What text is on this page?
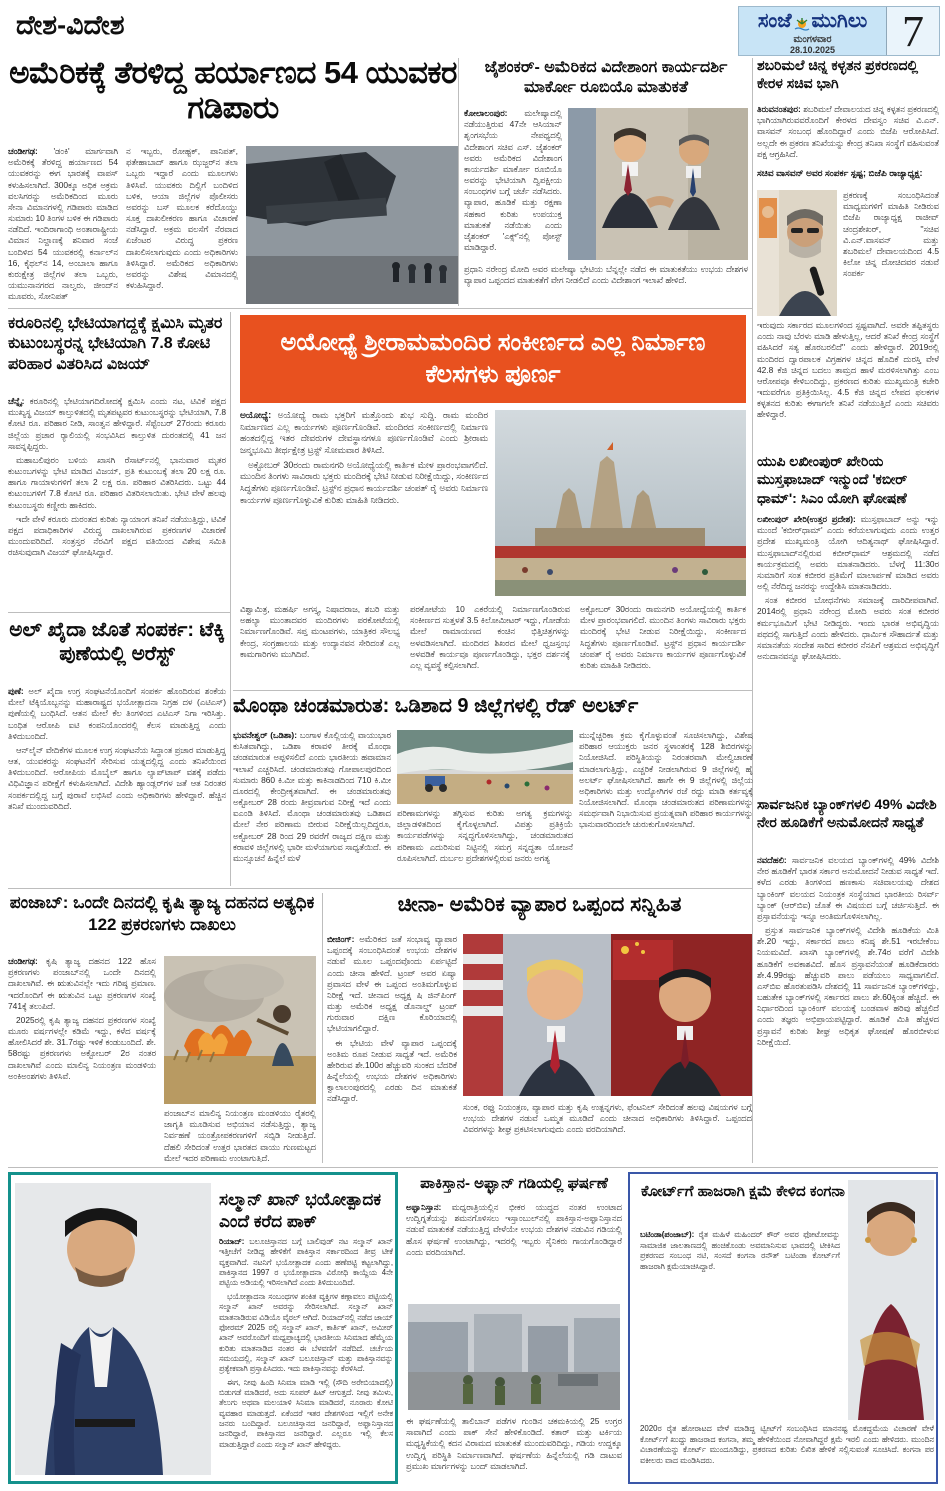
ದೇಶ-ವಿದೇಶ	ಸಂಜೆ ಮುಗಿಲು
ಮಂಗಳವಾರ
28.10.2025	7
ಅಮೆರಿಕಕ್ಕೆ ತೆರಳಿದ್ದ ಹರ್ಯಾಣದ 54 ಯುವಕರ ಗಡಿಪಾರು

ಚಂಡೀಗಢ: 'ಡಂಕಿ' ಮಾರ್ಗವಾಗಿ ಅಮೆರಿಕಕ್ಕೆ ತೆರಳಿದ್ದ ಹರ್ಯಾಣದ 54 ಯುವಕರನ್ನು ಈಗ ಭಾರತಕ್ಕೆ ವಾಪಸ್ ಕಳುಹಿಸಲಾಗಿದೆ. 300ಕ್ಕೂ ಅಧಿಕ ಅಕ್ರಮ ವಲಸಿಗರನ್ನು ಅಮೆರಿಕದಿಂದ ಮೂರು ಸೇನಾ ವಿಮಾನಗಳಲ್ಲಿ ಗಡಿಪಾರು ಮಾಡಿದ ಸುಮಾರು 10 ತಿಂಗಳ ಬಳಿಕ ಈ ಗಡಿಪಾರು ನಡೆದಿದೆ. ಇಂದಿರಾಗಾಂಧಿ ಅಂತಾರಾಷ್ಟ್ರೀಯ ವಿಮಾನ ನಿಲ್ದಾಣಕ್ಕೆ ಶನಿವಾರ ಸಂಜೆ ಬಂದಿಳಿದ 54 ಯುವಕರಲ್ಲಿ ಕರ್ನಾಲ್‌ನ 16, ಕೈಥಲ್‌ನ 14, ಅಂಬಾಲಾ ಹಾಗೂ ಕುರುಕ್ಷೇತ್ರ ಜಿಲ್ಲೆಗಳ ತಲಾ ಒಬ್ಬರು, ಯಮುನಾನಗರದ ನಾಲ್ವರು, ಜೀಂದ್‌ನ ಮೂವರು, ಸೋನಿಪತ್

ನ ಇಬ್ಬರು, ರೋಹ್ಟಕ್, ಪಾನಿಪತ್, ಫತೇಹಾಬಾದ್ ಹಾಗೂ ಝಜ್ಜರ್‌ನ ತಲಾ ಒಬ್ಬರು ಇದ್ದಾರೆ ಎಂದು ಮೂಲಗಳು ತಿಳಿಸಿವೆ. ಯುವಕರು ದಿಲ್ಲಿಗೆ ಬಂದಿಳಿದ ಬಳಿಕ, ಆಯಾ ಜಿಲ್ಲೆಗಳ ಪೊಲೀಸರು ಅವರನ್ನು ಬಸ್ ಮೂಲಕ ಕರೆದೊಯ್ದು ಸೂಕ್ತ ದಾಖಲೀಕರಣ ಹಾಗೂ ವಿಚಾರಣೆ ನಡೆಸಿದ್ದಾರೆ. ಅಕ್ರಮ ವಲಸೆಗೆ ನೆರವಾದ ಏಜೆಂಟರ ವಿರುದ್ಧ ಪ್ರಕರಣ ದಾಖಲಿಸಲಾಗುವುದು ಎಂದು ಅಧಿಕಾರಿಗಳು ತಿಳಿಸಿದ್ದಾರೆ. ಅಮೆರಿಕದ ಅಧಿಕಾರಿಗಳು ಅವರನ್ನು ವಿಶೇಷ ವಿಮಾನದಲ್ಲಿ ಕಳುಹಿಸಿದ್ದಾರೆ.

ಜೈಶಂಕರ್- ಅಮೆರಿಕದ ವಿದೇಶಾಂಗ ಕಾರ್ಯದರ್ಶಿ ಮಾರ್ಕೋ ರೂಬಿಯೊ ಮಾತುಕತೆ

ಕೋಲಾಲಂಪುರ: ಮಲೇಷ್ಯಾದಲ್ಲಿ ನಡೆಯುತ್ತಿರುವ 47ನೇ ಆಸಿಯಾನ್ ಶೃಂಗಸಭೆಯ ನೇಪಥ್ಯದಲ್ಲಿ ವಿದೇಶಾಂಗ ಸಚಿವ ಎಸ್. ಜೈಶಂಕರ್ ಅವರು ಅಮೆರಿಕದ ವಿದೇಶಾಂಗ ಕಾರ್ಯದರ್ಶಿ ಮಾರ್ಕೋ ರೂಬಿಯೊ ಅವರನ್ನು ಭೇಟಿಯಾಗಿ ದ್ವಿಪಕ್ಷೀಯ ಸಂಬಂಧಗಳ ಬಗ್ಗೆ ಚರ್ಚೆ ನಡೆಸಿದರು. ವ್ಯಾಪಾರ, ಹೂಡಿಕೆ ಮತ್ತು ರಕ್ಷಣಾ ಸಹಕಾರ ಕುರಿತು ಉಪಯುಕ್ತ ಮಾತುಕತೆ ನಡೆಯಿತು ಎಂದು ಜೈಶಂಕರ್ 'ಎಕ್ಸ್'ನಲ್ಲಿ ಪೋಸ್ಟ್ ಮಾಡಿದ್ದಾರೆ.

ಪ್ರಧಾನಿ ನರೇಂದ್ರ ಮೋದಿ ಅವರ ಮಲೇಷ್ಯಾ ಭೇಟಿಯ ಬೆನ್ನಲ್ಲೇ ನಡೆದ ಈ ಮಾತುಕತೆಯು ಉಭಯ ದೇಶಗಳ ವ್ಯಾಪಾರ ಒಪ್ಪಂದದ ಮಾತುಕತೆಗೆ ವೇಗ ನೀಡಲಿದೆ ಎಂದು ವಿದೇಶಾಂಗ ಇಲಾಖೆ ಹೇಳಿದೆ.

ಶಬರಿಮಲೆ ಚಿನ್ನ ಕಳ್ಳತನ ಪ್ರಕರಣದಲ್ಲಿ ಕೇರಳ ಸಚಿವ ಭಾಗಿ

ತಿರುವನಂತಪುರ: ಶಬರಿಮಲೆ ದೇವಾಲಯದ ಚಿನ್ನ ಕಳ್ಳತನ ಪ್ರಕರಣದಲ್ಲಿ ಭಾಗಿಯಾಗಿರುವವರೊಂದಿಗೆ ಕೇರಳದ ದೇವಸ್ವಂ ಸಚಿವ ವಿ.ಎನ್. ವಾಸವನ್ ಸಂಬಂಧ ಹೊಂದಿದ್ದಾರೆ ಎಂದು ಬಿಜೆಪಿ ಆರೋಪಿಸಿದೆ. ಅಲ್ಲದೇ ಈ ಪ್ರಕರಣ ತನಿಖೆಯನ್ನು ಕೇಂದ್ರ ತನಿಖಾ ಸಂಸ್ಥೆಗೆ ವಹಿಸುವಂತೆ ಪಕ್ಷ ಆಗ್ರಹಿಸಿದೆ.

ಸಚಿವ ವಾಸವನ್ ಅವರ ಸಂಪರ್ಕ ಸ್ಪಷ್ಟ; ಬಿಜೆಪಿ ರಾಜ್ಯಾಧ್ಯಕ್ಷ:

ಪ್ರಕರಣಕ್ಕೆ ಸಂಬಂಧಿಸಿದಂತೆ ಮಾಧ್ಯಮಗಳಿಗೆ ಮಾಹಿತಿ ನೀಡಿರುವ ಬಿಜೆಪಿ ರಾಜ್ಯಾಧ್ಯಕ್ಷ ರಾಜೀವ್ ಚಂದ್ರಶೇಖರ್, ''ಸಚಿವ ವಿ.ಎನ್.ವಾಸವನ್ ಮತ್ತು ಶಬರಿಮಲೆ ದೇವಾಲಯದಿಂದ 4.5 ಕಿಲೋ ಚಿನ್ನ ದೋಚಿದವರ ನಡುವೆ ಸಂಪರ್ಕ

ಇರುವುದು ಸರ್ಕಾರದ ಮೂಲಗಳಿಂದ ಸ್ಪಷ್ಟವಾಗಿದೆ. ಅವರೇ ತಪ್ಪಿತಸ್ಥರು ಎಂದು ನಾವು ಬೆರಳು ಮಾಡಿ ಹೇಳುತ್ತಿಲ್ಲ, ಆದರೆ ತನಿಖೆ ಕೇಂದ್ರ ಸಂಸ್ಥೆಗೆ ವಹಿಸಿದರೆ ಸತ್ಯ ಹೊರಬರಲಿದೆ'' ಎಂದು ಹೇಳಿದ್ದಾರೆ. 2019ರಲ್ಲಿ ಮಂದಿರದ ದ್ವಾರಪಾಲಕ ವಿಗ್ರಹಗಳ ಚಿನ್ನದ ಹೊದಿಕೆ ದುರಸ್ತಿ ವೇಳೆ 42.8 ಕೆಜಿ ಚಿನ್ನದ ಬದಲು ತಾಮ್ರದ ಹಾಳೆ ಮರಳಿಸಲಾಗಿತ್ತು ಎಂಬ ಆರೋಪವೂ ಕೇಳಿಬಂದಿದ್ದು, ಪ್ರಕರಣದ ಕುರಿತು ಮುಖ್ಯಮಂತ್ರಿ ಕಚೇರಿ ಇದುವರೆಗೂ ಪ್ರತಿಕ್ರಿಯಿಸಿಲ್ಲ. 4.5 ಕೆಜಿ ಚಿನ್ನದ ಲೇಪದ ಫಲಕಗಳ ಕಳ್ಳತನದ ಕುರಿತು ಈಗಾಗಲೇ ತನಿಖೆ ನಡೆಯುತ್ತಿದೆ ಎಂದು ಸಚಿವರು ಹೇಳಿದ್ದಾರೆ.

ಯುಪಿ ಲಖೀಂಪುರ್ ಖೇರಿಯ ಮುಸ್ತಫಾಬಾದ್ ಇನ್ಮುಂದೆ 'ಕಬೀರ್ ಧಾಮ್': ಸಿಎಂ ಯೋಗಿ ಘೋಷಣೆ

ಲಖೀಂಪುರ್ ಖೇರಿ(ಉತ್ತರ ಪ್ರದೇಶ): ಮುಸ್ತಫಾಬಾದ್ ಅನ್ನು ಇನ್ನು ಮುಂದೆ 'ಕಬೀರ್‌ಧಾಮ್' ಎಂದು ಕರೆಯಲಾಗುವುದು ಎಂದು ಉತ್ತರ ಪ್ರದೇಶ ಮುಖ್ಯಮಂತ್ರಿ ಯೋಗಿ ಆದಿತ್ಯನಾಥ್ ಘೋಷಿಸಿದ್ದಾರೆ. ಮುಸ್ತಫಾಬಾದ್‌ನಲ್ಲಿರುವ ಕಬೀರ್‌ಧಾಮ್ ಆಶ್ರಮದಲ್ಲಿ ನಡೆದ ಕಾರ್ಯಕ್ರಮದಲ್ಲಿ ಅವರು ಮಾತನಾಡಿದರು. ಬೆಳಗ್ಗೆ 11:30ರ ಸುಮಾರಿಗೆ ಸಂತ ಕಬೀರರ ಪ್ರತಿಮೆಗೆ ಮಾಲಾರ್ಪಣೆ ಮಾಡಿದ ಅವರು ಅಲ್ಲಿ ನೆರೆದಿದ್ದ ಜನರನ್ನು ಉದ್ದೇಶಿಸಿ ಮಾತನಾಡಿದರು.

ಸಂತ ಕಬೀರರ ಬೋಧನೆಗಳು ಸಮಾಜಕ್ಕೆ ದಾರಿದೀಪವಾಗಿವೆ. 2014ರಲ್ಲಿ ಪ್ರಧಾನಿ ನರೇಂದ್ರ ಮೋದಿ ಅವರು ಸಂತ ಕಬೀರರ ಕರ್ಮಭೂಮಿಗೆ ಭೇಟಿ ನೀಡಿದ್ದರು. ಇಂದು ಭಾರತ ಅಭಿವೃದ್ಧಿಯ ಪಥದಲ್ಲಿ ಸಾಗುತ್ತಿದೆ ಎಂದು ಹೇಳಿದರು. ಧಾರ್ಮಿಕ ಸೌಹಾರ್ದತೆ ಮತ್ತು ಸಮಾನತೆಯ ಸಂದೇಶ ಸಾರಿದ ಕಬೀರರ ನೆನಪಿಗೆ ಆಶ್ರಮದ ಅಭಿವೃದ್ಧಿಗೆ ಅನುದಾನವನ್ನೂ ಘೋಷಿಸಿದರು.

ಸಾರ್ವಜನಿಕ ಬ್ಯಾಂಕ್‌ಗಳಲಿ 49% ವಿದೇಶಿ ನೇರ ಹೂಡಿಕೆಗೆ ಅನುಮೋದನೆ ಸಾಧ್ಯತೆ

ನವದೆಹಲಿ: ಸಾರ್ವಜನಿಕ ವಲಯದ ಬ್ಯಾಂಕ್‌ಗಳಲ್ಲಿ 49% ವಿದೇಶಿ ನೇರ ಹೂಡಿಕೆಗೆ ಭಾರತ ಸರ್ಕಾರ ಅನುಮೋದನೆ ನೀಡುವ ಸಾಧ್ಯತೆ ಇದೆ. ಕಳೆದ ಎರಡು ತಿಂಗಳಿಂದ ಹಣಕಾಸು ಸಚಿವಾಲಯವು ದೇಶದ ಬ್ಯಾಂಕಿಂಗ್ ವಲಯದ ನಿಯಂತ್ರಕ ಸಂಸ್ಥೆಯಾದ ಭಾರತೀಯ ರಿಸರ್ವ್ ಬ್ಯಾಂಕ್ (ಆರ್‌ಬಿಐ) ಜೊತೆ ಈ ವಿಷಯದ ಬಗ್ಗೆ ಚರ್ಚಿಸುತ್ತಿದೆ. ಈ ಪ್ರಸ್ತಾವನೆಯನ್ನು ಇನ್ನೂ ಅಂತಿಮಗೊಳಿಸಲಾಗಿಲ್ಲ.

ಪ್ರಸ್ತುತ ಸಾರ್ವಜನಿಕ ಬ್ಯಾಂಕ್‌ಗಳಲ್ಲಿ ವಿದೇಶಿ ಹೂಡಿಕೆಯ ಮಿತಿ ಶೇ.20 ಇದ್ದು, ಸರ್ಕಾರದ ಪಾಲು ಕನಿಷ್ಠ ಶೇ.51 ಇರಬೇಕೆಂಬ ನಿಯಮವಿದೆ. ಖಾಸಗಿ ಬ್ಯಾಂಕ್‌ಗಳಲ್ಲಿ ಶೇ.74ರ ವರೆಗೆ ವಿದೇಶಿ ಹೂಡಿಕೆಗೆ ಅವಕಾಶವಿದೆ. ಹೊಸ ಪ್ರಸ್ತಾವನೆಯಂತೆ ಹೂಡಿಕೆದಾರರು ಶೇ.4.99ರಷ್ಟು ಹೆಚ್ಚುವರಿ ಪಾಲು ಪಡೆಯಲು ಸಾಧ್ಯವಾಗಲಿದೆ. ಎಸ್‌ಬಿಐ ಹೊರತುಪಡಿಸಿ ದೇಶದಲ್ಲಿ 11 ಸಾರ್ವಜನಿಕ ಬ್ಯಾಂಕ್‌ಗಳಿದ್ದು, ಬಹುತೇಕ ಬ್ಯಾಂಕ್‌ಗಳಲ್ಲಿ ಸರ್ಕಾರದ ಪಾಲು ಶೇ.60ಕ್ಕಿಂತ ಹೆಚ್ಚಿದೆ. ಈ ನಿರ್ಧಾರದಿಂದ ಬ್ಯಾಂಕಿಂಗ್ ವಲಯಕ್ಕೆ ಬಂಡವಾಳ ಹರಿವು ಹೆಚ್ಚಲಿದೆ ಎಂದು ತಜ್ಞರು ಅಭಿಪ್ರಾಯಪಟ್ಟಿದ್ದಾರೆ. ಹೂಡಿಕೆ ಮಿತಿ ಹೆಚ್ಚಳದ ಪ್ರಸ್ತಾವನೆ ಕುರಿತು ಶೀಘ್ರ ಅಧಿಕೃತ ಘೋಷಣೆ ಹೊರಬೀಳುವ ನಿರೀಕ್ಷೆಯಿದೆ.

ಕರೂರಿನಲ್ಲಿ ಭೇಟಿಯಾಗದ್ದಕ್ಕೆ ಕ್ಷಮಿಸಿ ಮೃತರ ಕುಟುಂಬಸ್ಥರನ್ನ ಭೇಟಿಯಾಗಿ 7.8 ಕೋಟಿ ಪರಿಹಾರ ವಿತರಿಸಿದ ವಿಜಯ್

ಚೆನ್ನೈ: ಕರೂರಿನಲ್ಲಿ ಭೇಟಿಯಾಗದಿರೋದಕ್ಕೆ ಕ್ಷಮಿಸಿ ಎಂದು ನಟ, ಟಿವಿಕೆ ಪಕ್ಷದ ಮುಖ್ಯಸ್ಥ ವಿಜಯ್ ಕಾಲ್ತುಳಿತದಲ್ಲಿ ಮೃತಪಟ್ಟವರ ಕುಟುಂಬಸ್ಥರನ್ನು ಭೇಟಿಯಾಗಿ, 7.8 ಕೋಟಿ ರೂ. ಪರಿಹಾರ ನೀಡಿ, ಸಾಂತ್ವನ ಹೇಳಿದ್ದಾರೆ. ಸೆಪ್ಟೆಂಬರ್ 27ರಂದು ಕರೂರು ಜಿಲ್ಲೆಯ ಪ್ರಚಾರ ರ‍್ಯಾಲಿಯಲ್ಲಿ ಸಂಭವಿಸಿದ ಕಾಲ್ತುಳಿತ ದುರಂತದಲ್ಲಿ 41 ಜನ ಸಾವನ್ನಪ್ಪಿದ್ದರು.

ಮಹಾಬಲಿಪುರಂ ಬಳಿಯ ಖಾಸಗಿ ರೆಸಾರ್ಟ್‌ನಲ್ಲಿ ಭಾನುವಾರ ಮೃತರ ಕುಟುಂಬಗಳನ್ನು ಭೇಟಿ ಮಾಡಿದ ವಿಜಯ್, ಪ್ರತಿ ಕುಟುಂಬಕ್ಕೆ ತಲಾ 20 ಲಕ್ಷ ರೂ. ಹಾಗೂ ಗಾಯಾಳುಗಳಿಗೆ ತಲಾ 2 ಲಕ್ಷ ರೂ. ಪರಿಹಾರ ವಿತರಿಸಿದರು. ಒಟ್ಟು 44 ಕುಟುಂಬಗಳಿಗೆ 7.8 ಕೋಟಿ ರೂ. ಪರಿಹಾರ ವಿತರಿಸಲಾಯಿತು. ಭೇಟಿ ವೇಳೆ ಹಲವು ಕುಟುಂಬಸ್ಥರು ಕಣ್ಣೀರು ಹಾಕಿದರು.

ಇದೇ ವೇಳೆ ಕರೂರು ದುರಂತದ ಕುರಿತು ನ್ಯಾಯಾಂಗ ತನಿಖೆ ನಡೆಯುತ್ತಿದ್ದು, ಟಿವಿಕೆ ಪಕ್ಷದ ಪದಾಧಿಕಾರಿಗಳ ವಿರುದ್ಧ ದಾಖಲಾಗಿರುವ ಪ್ರಕರಣಗಳ ವಿಚಾರಣೆ ಮುಂದುವರಿದಿದೆ. ಸಂತ್ರಸ್ತರ ನೆರವಿಗೆ ಪಕ್ಷದ ವತಿಯಿಂದ ವಿಶೇಷ ಸಮಿತಿ ರಚಿಸುವುದಾಗಿ ವಿಜಯ್ ಘೋಷಿಸಿದ್ದಾರೆ.

ಅಲ್ ಖೈದಾ ಜೊತೆ ಸಂಪರ್ಕ: ಟೆಕ್ಕಿ ಪುಣೆಯಲ್ಲಿ ಅರೆಸ್ಟ್

ಪುಣೆ: ಅಲ್ ಖೈದಾ ಉಗ್ರ ಸಂಘಟನೆಯೊಂದಿಗೆ ಸಂಪರ್ಕ ಹೊಂದಿರುವ ಶಂಕೆಯ ಮೇಲೆ ಟೆಕ್ಕಿಯೊಬ್ಬನನ್ನು ಮಹಾರಾಷ್ಟ್ರದ ಭಯೋತ್ಪಾದನಾ ನಿಗ್ರಹ ದಳ (ಎಟಿಎಸ್) ಪುಣೆಯಲ್ಲಿ ಬಂಧಿಸಿದೆ. ಆತನ ಮೇಲೆ ಕೆಲ ತಿಂಗಳಿಂದ ಎಟಿಎಸ್ ನಿಗಾ ಇರಿಸಿತ್ತು. ಬಂಧಿತ ಆರೋಪಿ ಐಟಿ ಕಂಪನಿಯೊಂದರಲ್ಲಿ ಕೆಲಸ ಮಾಡುತ್ತಿದ್ದ ಎಂದು ತಿಳಿದುಬಂದಿದೆ.

ಆನ್‌ಲೈನ್ ವೇದಿಕೆಗಳ ಮೂಲಕ ಉಗ್ರ ಸಂಘಟನೆಯ ಸಿದ್ಧಾಂತ ಪ್ರಚಾರ ಮಾಡುತ್ತಿದ್ದ ಆತ, ಯುವಕರನ್ನು ಸಂಘಟನೆಗೆ ಸೇರಿಸುವ ಯತ್ನದಲ್ಲಿದ್ದ ಎಂದು ತನಿಖೆಯಿಂದ ತಿಳಿದುಬಂದಿದೆ. ಆರೋಪಿಯ ಮೊಬೈಲ್ ಹಾಗೂ ಲ್ಯಾಪ್‌ಟಾಪ್ ವಶಕ್ಕೆ ಪಡೆದು ವಿಧಿವಿಜ್ಞಾನ ಪರೀಕ್ಷೆಗೆ ಕಳುಹಿಸಲಾಗಿದೆ. ವಿದೇಶಿ ಹ್ಯಾಂಡ್ಲರ್‌ಗಳ ಜತೆ ಆತ ನಿರಂತರ ಸಂಪರ್ಕದಲ್ಲಿದ್ದ ಬಗ್ಗೆ ಪುರಾವೆ ಲಭಿಸಿವೆ ಎಂದು ಅಧಿಕಾರಿಗಳು ಹೇಳಿದ್ದಾರೆ. ಹೆಚ್ಚಿನ ತನಿಖೆ ಮುಂದುವರಿದಿದೆ.

ಅಯೋಧ್ಯೆ ಶ್ರೀರಾಮಮಂದಿರ ಸಂಕೀರ್ಣದ ಎಲ್ಲ ನಿರ್ಮಾಣ ಕೆಲಸಗಳು ಪೂರ್ಣ

ಅಯೋಧ್ಯೆ: ಅಯೋಧ್ಯೆ ರಾಮ ಭಕ್ತರಿಗೆ ಮತ್ತೊಂದು ಶುಭ ಸುದ್ದಿ. ರಾಮ ಮಂದಿರ ನಿರ್ಮಾಣದ ಎಲ್ಲ ಕಾರ್ಯಗಳು ಪೂರ್ಣಗೊಂಡಿವೆ. ಮಂದಿರದ ಸಂಕೀರ್ಣದಲ್ಲಿ ನಿರ್ಮಾಣ ಹಂತದಲ್ಲಿದ್ದ ಇತರ ದೇವರುಗಳ ದೇವಸ್ಥಾನಗಳೂ ಪೂರ್ಣಗೊಂಡಿವೆ ಎಂದು ಶ್ರೀರಾಮ ಜನ್ಮಭೂಮಿ ತೀರ್ಥಕ್ಷೇತ್ರ ಟ್ರಸ್ಟ್ ಸೋಮವಾರ ತಿಳಿಸಿದೆ.

ಅಕ್ಟೋಬರ್ 30ರಂದು ರಾಮನಗರಿ ಅಯೋಧ್ಯೆಯಲ್ಲಿ ಕಾರ್ತಿಕ ಮೇಳ ಪ್ರಾರಂಭವಾಗಲಿದೆ. ಮುಂದಿನ ತಿಂಗಳು ಸಾವಿರಾರು ಭಕ್ತರು ಮಂದಿರಕ್ಕೆ ಭೇಟಿ ನೀಡುವ ನಿರೀಕ್ಷೆಯಿದ್ದು, ಸಂಕೀರ್ಣದ ಸಿದ್ಧತೆಗಳು ಪೂರ್ಣಗೊಂಡಿವೆ. ಟ್ರಸ್ಟ್‌ನ ಪ್ರಧಾನ ಕಾರ್ಯದರ್ಶಿ ಚಂಪತ್ ರೈ ಅವರು ನಿರ್ಮಾಣ ಕಾರ್ಯಗಳ ಪೂರ್ಣಗೊಳ್ಳುವಿಕೆ ಕುರಿತು ಮಾಹಿತಿ ನೀಡಿದರು.

ವಿಶ್ವಾಮಿತ್ರ, ಮಹರ್ಷಿ ಅಗಸ್ತ್ಯ, ನಿಷಾದರಾಜ, ಶಬರಿ ಮತ್ತು ಅಹಲ್ಯಾ ಮುಂತಾದವರ ಮಂದಿರಗಳು ಪರಕೋಟೆಯಲ್ಲಿ ನಿರ್ಮಾಣಗೊಂಡಿವೆ. ಸಪ್ತ ಮಂಟಪಗಳು, ಯಾತ್ರಿಕರ ಸೌಲಭ್ಯ ಕೇಂದ್ರ, ಸಂಗ್ರಹಾಲಯ ಮತ್ತು ಉದ್ಯಾನವನ ಸೇರಿದಂತೆ ಎಲ್ಲ ಕಾಮಗಾರಿಗಳು ಮುಗಿದಿವೆ.

ಪರಕೋಟೆಯ 10 ಎಕರೆಯಲ್ಲಿ ನಿರ್ಮಾಣಗೊಂಡಿರುವ ಸಂಕೀರ್ಣದ ಸುತ್ತಳತೆ 3.5 ಕಿಲೋಮೀಟರ್ ಇದ್ದು, ಗೋಡೆಯ ಮೇಲೆ ರಾಮಾಯಣದ ಕಂಚಿನ ಭಿತ್ತಿಚಿತ್ರಗಳನ್ನು ಅಳವಡಿಸಲಾಗಿದೆ. ಮಂದಿರದ ಶಿಖರದ ಮೇಲೆ ಧ್ವಜಸ್ತಂಭ ಅಳವಡಿಕೆ ಕಾರ್ಯವೂ ಪೂರ್ಣಗೊಂಡಿದ್ದು, ಭಕ್ತರ ದರ್ಶನಕ್ಕೆ ಎಲ್ಲ ವ್ಯವಸ್ಥೆ ಕಲ್ಪಿಸಲಾಗಿದೆ.

ಅಕ್ಟೋಬರ್ 30ರಂದು ರಾಮನಗರಿ ಅಯೋಧ್ಯೆಯಲ್ಲಿ ಕಾರ್ತಿಕ ಮೇಳ ಪ್ರಾರಂಭವಾಗಲಿದೆ. ಮುಂದಿನ ತಿಂಗಳು ಸಾವಿರಾರು ಭಕ್ತರು ಮಂದಿರಕ್ಕೆ ಭೇಟಿ ನೀಡುವ ನಿರೀಕ್ಷೆಯಿದ್ದು, ಸಂಕೀರ್ಣದ ಸಿದ್ಧತೆಗಳು ಪೂರ್ಣಗೊಂಡಿವೆ. ಟ್ರಸ್ಟ್‌ನ ಪ್ರಧಾನ ಕಾರ್ಯದರ್ಶಿ ಚಂಪತ್ ರೈ ಅವರು ನಿರ್ಮಾಣ ಕಾರ್ಯಗಳ ಪೂರ್ಣಗೊಳ್ಳುವಿಕೆ ಕುರಿತು ಮಾಹಿತಿ ನೀಡಿದರು.

ಮೊಂಥಾ ಚಂಡಮಾರುತ: ಒಡಿಶಾದ 9 ಜಿಲ್ಲೆಗಳಲ್ಲಿ ರೆಡ್ ಅಲರ್ಟ್

ಭುವನೇಶ್ವರ್ (ಒಡಿಶಾ): ಬಂಗಾಳ ಕೊಲ್ಲಿಯಲ್ಲಿ ವಾಯುಭಾರ ಕುಸಿತವಾಗಿದ್ದು, ಒಡಿಶಾ ಕರಾವಳಿ ತೀರಕ್ಕೆ ಮೊಂಥಾ ಚಂಡಮಾರುತ ಅಪ್ಪಳಿಸಲಿದೆ ಎಂದು ಭಾರತೀಯ ಹವಾಮಾನ ಇಲಾಖೆ ಎಚ್ಚರಿಸಿದೆ. ಚಂಡಮಾರುತವು ಗೋಪಾಲಪುರದಿಂದ ಸುಮಾರು 860 ಕಿ.ಮೀ ಮತ್ತು ಕಾಕಿನಾಡದಿಂದ 710 ಕಿ.ಮೀ ದೂರದಲ್ಲಿ ಕೇಂದ್ರೀಕೃತವಾಗಿದೆ. ಈ ಚಂಡಮಾರುತವು ಅಕ್ಟೋಬರ್ 28 ರಂದು ತೀವ್ರವಾಗುವ ನಿರೀಕ್ಷೆ ಇದೆ ಎಂದು ಐಎಂಡಿ ತಿಳಿಸಿದೆ. ಮೊಂಥಾ ಚಂಡಮಾರುತವು ಒಡಿಶಾದ ಮೇಲೆ ನೇರ ಪರಿಣಾಮ ಬೀರುವ ನಿರೀಕ್ಷೆಯಿಲ್ಲದಿದ್ದರೂ, ಅಕ್ಟೋಬರ್ 28 ರಿಂದ 29 ರವರೆಗೆ ರಾಜ್ಯದ ದಕ್ಷಿಣ ಮತ್ತು ಕರಾವಳಿ ಜಿಲ್ಲೆಗಳಲ್ಲಿ ಭಾರೀ ಮಳೆಯಾಗುವ ಸಾಧ್ಯತೆಯಿದೆ. ಈ ಮುನ್ಸೂಚನೆ ಹಿನ್ನೆಲೆ ಮಳೆ

ಪರಿಣಾಮಗಳನ್ನು ತಗ್ಗಿಸುವ ಕುರಿತು ಅಗತ್ಯ ಕ್ರಮಗಳನ್ನು ಜಿಲ್ಲಾಡಳಿತದಿಂದ ಕೈಗೊಳ್ಳಲಾಗಿದೆ. ವಿಪತ್ತು ಪ್ರತಿಕ್ರಿಯೆ ಕಾರ್ಯಪಡೆಗಳನ್ನು ಸನ್ನದ್ಧಗೊಳಿಸಲಾಗಿದ್ದು, ಚಂಡಮಾರುತದ ಪರಿಣಾಮ ಎದುರಿಸುವ ನಿಟ್ಟಿನಲ್ಲಿ ಸಮಗ್ರ ಸನ್ನದ್ಧತಾ ಯೋಜನೆ ರೂಪಿಸಲಾಗಿದೆ. ದುರ್ಬಲ ಪ್ರದೇಶಗಳಲ್ಲಿರುವ ಜನರು ಅಗತ್ಯ

ಮುನ್ನೆಚ್ಚರಿಕಾ ಕ್ರಮ ಕೈಗೊಳ್ಳುವಂತೆ ಸೂಚಿಸಲಾಗಿದ್ದು, ವಿಶೇಷ ಪರಿಹಾರ ಆಯುಕ್ತರು ಜನರ ಸ್ಥಳಾಂತರಕ್ಕೆ 128 ಶಿಬಿರಗಳನ್ನು ನಿಯೋಜಿಸಿದೆ. ಪರಿಸ್ಥಿತಿಯನ್ನು ನಿರಂತರವಾಗಿ ಮೇಲ್ವಿಚಾರಣೆ ಮಾಡಲಾಗುತ್ತಿದ್ದು, ಎಚ್ಚರಿಕೆ ನೀಡಲಾಗಿರುವ 9 ಜಿಲ್ಲೆಗಳಲ್ಲಿ ಹೈ ಅಲರ್ಟ್ ಘೋಷಿಸಲಾಗಿದೆ. ಹಾಗೇ ಈ 9 ಜಿಲ್ಲೆಗಳಲ್ಲಿ ಜಿಲ್ಲೆಯ ಅಧಿಕಾರಿಗಳು ಮತ್ತು ಉದ್ಯೋಗಿಗಳ ರಜೆ ರದ್ದು ಮಾಡಿ ಕರ್ತವ್ಯಕ್ಕೆ ನಿಯೋಜಿಸಲಾಗಿದೆ. ಮೊಂಥಾ ಚಂಡಮಾರುತದ ಪರಿಣಾಮಗಳನ್ನು ಸಮರ್ಥವಾಗಿ ನಿಭಾಯಿಸುವ ಪ್ರಯತ್ನವಾಗಿ ಪರಿಹಾರ ಕಾರ್ಯಗಳನ್ನು ಭಾನುವಾರದಿಂದಲೇ ಚುರುಕುಗೊಳಿಸಲಾಗಿದೆ.

ಪಂಜಾಬ್: ಒಂದೇ ದಿನದಲ್ಲಿ ಕೃಷಿ ತ್ಯಾಜ್ಯ ದಹನದ ಅತ್ಯಧಿಕ 122 ಪ್ರಕರಣಗಳು ದಾಖಲು

ಚಂಡೀಗಢ: ಕೃಷಿ ತ್ಯಾಜ್ಯ ದಹನದ 122 ಹೊಸ ಪ್ರಕರಣಗಳು ಪಂಜಾಬ್‌ನಲ್ಲಿ ಒಂದೇ ದಿನದಲ್ಲಿ ದಾಖಲಾಗಿವೆ. ಈ ಋತುವಿನಲ್ಲೇ ಇದು ಗರಿಷ್ಠ ಪ್ರಮಾಣ. ಇದರೊಂದಿಗೆ ಈ ಋತುವಿನ ಒಟ್ಟು ಪ್ರಕರಣಗಳ ಸಂಖ್ಯೆ 741ಕ್ಕೆ ತಲುಪಿದೆ.

2025ರಲ್ಲಿ ಕೃಷಿ ತ್ಯಾಜ್ಯ ದಹನದ ಪ್ರಕರಣಗಳ ಸಂಖ್ಯೆ ಮೂರು ವರ್ಷಗಳಲ್ಲೇ ಕಡಿಮೆ ಇದ್ದು, ಕಳೆದ ವರ್ಷಕ್ಕೆ ಹೋಲಿಸಿದರೆ ಶೇ. 31.7ರಷ್ಟು ಇಳಿಕೆ ಕಂಡುಬಂದಿದೆ. ಶೇ. 58ರಷ್ಟು ಪ್ರಕರಣಗಳು ಅಕ್ಟೋಬರ್ 2ರ ನಂತರ ದಾಖಲಾಗಿವೆ ಎಂದು ಮಾಲಿನ್ಯ ನಿಯಂತ್ರಣ ಮಂಡಳಿಯ ಅಂಕಿಅಂಶಗಳು ತಿಳಿಸಿವೆ.

ಪಂಜಾಬ್‌ನ ಮಾಲಿನ್ಯ ನಿಯಂತ್ರಣ ಮಂಡಳಿಯು ರೈತರಲ್ಲಿ ಜಾಗೃತಿ ಮೂಡಿಸುವ ಅಭಿಯಾನ ನಡೆಸುತ್ತಿದ್ದು, ತ್ಯಾಜ್ಯ ನಿರ್ವಹಣೆ ಯಂತ್ರೋಪಕರಣಗಳಿಗೆ ಸಬ್ಸಿಡಿ ನೀಡುತ್ತಿದೆ. ದೆಹಲಿ ಸೇರಿದಂತೆ ಉತ್ತರ ಭಾರತದ ವಾಯು ಗುಣಮಟ್ಟದ ಮೇಲೆ ಇದರ ಪರಿಣಾಮ ಉಂಟಾಗುತ್ತಿದೆ.

ಚೀನಾ- ಅಮೆರಿಕ ವ್ಯಾಪಾರ ಒಪ್ಪಂದ ಸನ್ನಿಹಿತ

ಬೀಜಿಂಗ್: ಅಮೆರಿಕದ ಜತೆ ಸಂಭಾವ್ಯ ವ್ಯಾಪಾರ ಒಪ್ಪಂದಕ್ಕೆ ಸಂಬಂಧಿಸಿದಂತೆ ಉಭಯ ದೇಶಗಳ ನಡುವೆ ಮೂಲ ಒಪ್ಪಂದವೊಂದು ಏರ್ಪಟ್ಟಿದೆ ಎಂದು ಚೀನಾ ಹೇಳಿದೆ. ಟ್ರಂಪ್ ಅವರ ಏಷ್ಯಾ ಪ್ರವಾಸದ ವೇಳೆ ಈ ಒಪ್ಪಂದ ಅಂತಿಮಗೊಳ್ಳುವ ನಿರೀಕ್ಷೆ ಇದೆ. ಚೀನಾದ ಅಧ್ಯಕ್ಷ ಷಿ ಜಿನ್‌ಪಿಂಗ್ ಮತ್ತು ಅಮೆರಿಕ ಅಧ್ಯಕ್ಷ ಡೊನಾಲ್ಡ್ ಟ್ರಂಪ್ ಗುರುವಾರ ದಕ್ಷಿಣ ಕೊರಿಯಾದಲ್ಲಿ ಭೇಟಿಯಾಗಲಿದ್ದಾರೆ.

ಈ ಭೇಟಿಯ ವೇಳೆ ವ್ಯಾಪಾರ ಒಪ್ಪಂದಕ್ಕೆ ಅಂತಿಮ ರೂಪ ನೀಡುವ ಸಾಧ್ಯತೆ ಇದೆ. ಅಮೆರಿಕ ಹೇರಿರುವ ಶೇ.100ರ ಹೆಚ್ಚುವರಿ ಸುಂಕದ ಬೆದರಿಕೆ ಹಿನ್ನೆಲೆಯಲ್ಲಿ ಉಭಯ ದೇಶಗಳ ಅಧಿಕಾರಿಗಳು ಕ್ವಾಲಾಲಂಪುರದಲ್ಲಿ ಎರಡು ದಿನ ಮಾತುಕತೆ ನಡೆಸಿದ್ದಾರೆ.

ಸುಂಕ, ರಫ್ತು ನಿಯಂತ್ರಣ, ವ್ಯಾಪಾರ ಮತ್ತು ಕೃಷಿ ಉತ್ಪನ್ನಗಳು, ಫೆಂಟನಿಲ್ ಸೇರಿದಂತೆ ಹಲವು ವಿಷಯಗಳ ಬಗ್ಗೆ ಉಭಯ ದೇಶಗಳ ನಡುವೆ ಒಮ್ಮತ ಮೂಡಿದೆ ಎಂದು ಚೀನಾದ ಅಧಿಕಾರಿಗಳು ತಿಳಿಸಿದ್ದಾರೆ. ಒಪ್ಪಂದದ ವಿವರಗಳನ್ನು ಶೀಘ್ರ ಪ್ರಕಟಿಸಲಾಗುವುದು ಎಂದು ವರದಿಯಾಗಿದೆ.

ಸಲ್ಮಾನ್ ಖಾನ್ ಭಯೋತ್ಪಾದಕ ಎಂದೆ ಕರೆದ ಪಾಕ್

ರಿಯಾದ್: ಬಲೂಚಿಸ್ತಾನದ ಬಗ್ಗೆ ಬಾಲಿವುಡ್ ನಟ ಸಲ್ಮಾನ್ ಖಾನ್ ಇತ್ತೀಚೆಗೆ ನೀಡಿದ್ದ ಹೇಳಿಕೆಗೆ ಪಾಕಿಸ್ತಾನ ಸರ್ಕಾರದಿಂದ ತೀವ್ರ ಟೀಕೆ ವ್ಯಕ್ತವಾಗಿದೆ. ನಟನಿಗೆ ಭಯೋತ್ಪಾದಕ ಎಂದು ಹಣೆಪಟ್ಟಿ ಕಟ್ಟಲಾಗಿದ್ದು, ಪಾಕಿಸ್ತಾನದ 1997 ರ ಭಯೋತ್ಪಾದನಾ ವಿರೋಧಿ ಕಾಯ್ದೆಯ 4ನೇ ಪಟ್ಟಿಯ ಅಡಿಯಲ್ಲಿ ಇರಿಸಲಾಗಿದೆ ಎಂದು ತಿಳಿದುಬಂದಿದೆ.

ಭಯೋತ್ಪಾದನಾ ಸಂಬಂಧಗಳ ಶಂಕಿತ ವ್ಯಕ್ತಿಗಳ ಕಣ್ಗಾವಲು ಪಟ್ಟಿಯಲ್ಲಿ ಸಲ್ಮಾನ್ ಖಾನ್ ಅವರನ್ನು ಸೇರಿಸಲಾಗಿದೆ. ಸಲ್ಮಾನ್ ಖಾನ್ ಮಾತನಾಡಿರುವ ವಿಡಿಯೊ ವೈರಲ್ ಆಗಿದೆ. ರಿಯಾದ್‌ನಲ್ಲಿ ನಡೆದ ಜಾಯ್ ಫೋರಮ್ 2025 ರಲ್ಲಿ ಸಲ್ಮಾನ್ ಖಾನ್, ಕಾರ್ತಿಕ್ ಖಾನ್, ಅಮೀರ್ ಖಾನ್ ಅವರೊಂದಿಗೆ ಮಧ್ಯಪ್ರಾಚ್ಯದಲ್ಲಿ ಭಾರತೀಯ ಸಿನಿಮಾದ ಹೆಮ್ಮೆಯ ಕುರಿತು ಮಾತನಾಡಿದ ನಂತರ ಈ ಬೆಳವಣಿಗೆ ನಡೆದಿದೆ. ಚರ್ಚೆಯ ಸಮಯದಲ್ಲಿ, ಸಲ್ಮಾನ್ ಖಾನ್ ಬಲೂಚಿಸ್ತಾನ್ ಮತ್ತು ಪಾಕಿಸ್ತಾನವನ್ನು ಪ್ರತ್ಯೇಕವಾಗಿ ಪ್ರಸ್ತಾಪಿಸಿದರು. ಇದು ಪಾಕಿಸ್ತಾನವನ್ನು ಕೆರಳಿಸಿದೆ.

ಈಗ, ನೀವು ಹಿಂದಿ ಸಿನಿಮಾ ಮಾಡಿ ಇಲ್ಲಿ (ಸೌದಿ ಅರೇಬಿಯಾದಲ್ಲಿ) ಬಿಡುಗಡೆ ಮಾಡಿದರೆ, ಅದು ಸೂಪರ್ ಹಿಟ್ ಆಗುತ್ತದೆ. ನೀವು ತಮಿಳು, ತೆಲುಗು ಅಥವಾ ಮಲಯಾಳಿ ಸಿನಿಮಾ ಮಾಡಿದರೆ, ನೂರಾರು ಕೋಟಿ ವ್ಯವಹಾರ ಮಾಡುತ್ತದೆ. ಏಕೆಂದರೆ ಇತರ ದೇಶಗಳಿಂದ ಇಲ್ಲಿಗೆ ಅನೇಕ ಜನರು ಬಂದಿದ್ದಾರೆ. ಬಲೂಚಿಸ್ತಾನದ ಜನರಿದ್ದಾರೆ, ಅಫ್ಘಾನಿಸ್ತಾನದ ಜನರಿದ್ದಾರೆ, ಪಾಕಿಸ್ತಾನದ ಜನರಿದ್ದಾರೆ. ಎಲ್ಲರೂ ಇಲ್ಲಿ ಕೆಲಸ ಮಾಡುತ್ತಿದ್ದಾರೆ ಎಂದು ಸಲ್ಮಾನ್ ಖಾನ್ ಹೇಳಿದ್ದರು.

ಪಾಕಿಸ್ತಾನ- ಅಫ್ಘಾನ್ ಗಡಿಯಲ್ಲಿ ಘರ್ಷಣೆ

ಅಫ್ಘಾನಿಸ್ತಾನ: ಮಧ್ಯರಾತ್ರಿಯಲ್ಲಿನ ಭೀಕರ ಯುದ್ಧದ ನಂತರ ಉಂಟಾದ ಉದ್ವಿಗ್ನತೆಯನ್ನು ಶಮನಗೊಳಿಸಲು ಇಸ್ತಾಂಬುಲ್‌ನಲ್ಲಿ ಪಾಕಿಸ್ತಾನ-ಅಫ್ಘಾನಿಸ್ತಾನದ ನಡುವೆ ಮಾತುಕತೆ ನಡೆಯುತ್ತಿದ್ದ ವೇಳೆಯೇ ಉಭಯ ದೇಶಗಳ ನಡುವಿನ ಗಡಿಯಲ್ಲಿ ಹೊಸ ಘರ್ಷಣೆ ಉಂಟಾಗಿದ್ದು, ಇದರಲ್ಲಿ ಇಬ್ಬರು ಸೈನಿಕರು ಗಾಯಗೊಂಡಿದ್ದಾರೆ ಎಂದು ವರದಿಯಾಗಿದೆ.

ಈ ಘರ್ಷಣೆಯಲ್ಲಿ ತಾಲಿಬಾನ್ ಪಡೆಗಳ ಗುಂಡಿನ ಚಕಮಕಿಯಲ್ಲಿ 25 ಉಗ್ರರ ಸಾವಾಗಿದೆ ಎಂದು ಪಾಕ್ ಸೇನೆ ಹೇಳಿಕೊಂಡಿದೆ. ಕತಾರ್ ಮತ್ತು ಟರ್ಕಿಯ ಮಧ್ಯಸ್ಥಿಕೆಯಲ್ಲಿ ಕದನ ವಿರಾಮದ ಮಾತುಕತೆ ಮುಂದುವರಿದಿದ್ದು, ಗಡಿಯ ಉದ್ದಕ್ಕೂ ಉದ್ವಿಗ್ನ ಪರಿಸ್ಥಿತಿ ನಿರ್ಮಾಣವಾಗಿದೆ. ಘರ್ಷಣೆಯ ಹಿನ್ನೆಲೆಯಲ್ಲಿ ಗಡಿ ದಾಟುವ ಪ್ರಮುಖ ಮಾರ್ಗಗಳನ್ನು ಬಂದ್ ಮಾಡಲಾಗಿದೆ.

ಕೋರ್ಟ್‌ಗೆ ಹಾಜರಾಗಿ ಕ್ಷಮೆ ಕೇಳಿದ ಕಂಗನಾ

ಬಟಿಂಡಾ(ಪಂಜಾಬ್): ರೈತ ಮಹಿಳೆ ಮಹಿಂದರ್ ಕೌರ್ ಅವರ ಫೋಟೋವನ್ನು ಸಾಮಾಜಿಕ ಜಾಲತಾಣದಲ್ಲಿ ಹಂಚಿಕೊಂಡು ಅವಮಾನಿಸುವ ಭಾವದಲ್ಲಿ ಟೀಕಿಸಿದ ಪ್ರಕರಣದ ಸಂಬಂಧ ನಟಿ, ಸಂಸದೆ ಕಂಗನಾ ರನೌತ್ ಬಟಿಂಡಾ ಕೋರ್ಟ್‌ಗೆ ಹಾಜರಾಗಿ ಕ್ಷಮೆಯಾಚಿಸಿದ್ದಾರೆ.

2020ರ ರೈತ ಹೋರಾಟದ ವೇಳೆ ಮಾಡಿದ್ದ ಟ್ವೀಟ್‌ಗೆ ಸಂಬಂಧಿಸಿದ ಮಾನನಷ್ಟ ಮೊಕದ್ದಮೆಯ ವಿಚಾರಣೆ ವೇಳೆ ಕೋರ್ಟ್‌ಗೆ ಖುದ್ದು ಹಾಜರಾದ ಕಂಗನಾ, ತಮ್ಮ ಹೇಳಿಕೆಯಿಂದ ನೋವಾಗಿದ್ದರೆ ಕ್ಷಮೆ ಇರಲಿ ಎಂದು ಹೇಳಿದರು. ಮುಂದಿನ ವಿಚಾರಣೆಯನ್ನು ಕೋರ್ಟ್ ಮುಂದೂಡಿದ್ದು, ಪ್ರಕರಣದ ಕುರಿತು ಲಿಖಿತ ಹೇಳಿಕೆ ಸಲ್ಲಿಸುವಂತೆ ಸೂಚಿಸಿದೆ. ಕಂಗನಾ ಪರ ವಕೀಲರು ವಾದ ಮಂಡಿಸಿದರು.
